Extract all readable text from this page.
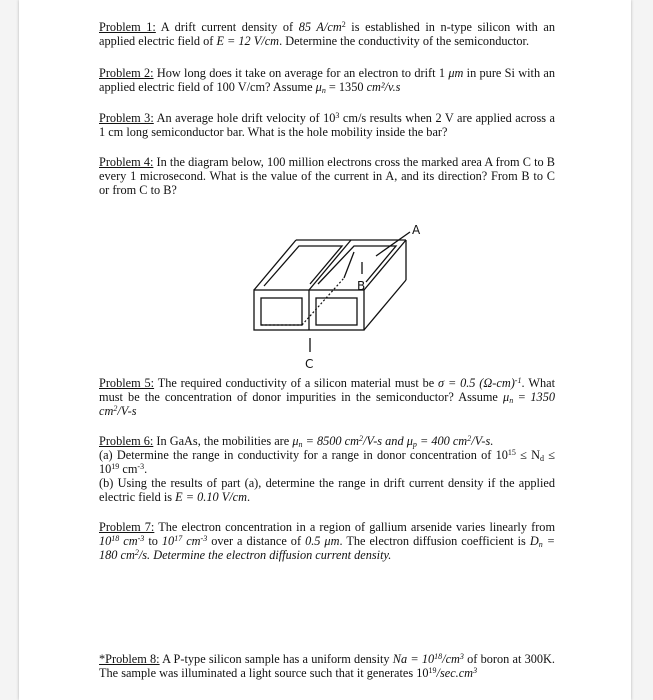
Problem 1: A drift current density of 85 $A/cm^2$ is established in n-type silicon with an applied electric field of E = 12 V/cm. Determine the conductivity of the semiconductor.
Problem 2: How long does it take on average for an electron to drift 1 μm in pure Si with an applied electric field of 100 V/cm? Assume $\mu_n = 1350$ cm²/v.s
Problem 3: An average hole drift velocity of $10^3$ cm/s results when 2 V are applied across a 1 cm long semiconductor bar. What is the hole mobility inside the bar?
Problem 4: In the diagram below, 100 million electrons cross the marked area A from C to B every 1 microsecond. What is the value of the current in A, and its direction? From B to C or from C to B?
A
B
C
Problem 5: The required conductivity of a silicon material must be σ = 0.5 $(\Omega-cm)^{-1}$. What must be the concentration of donor impurities in the semiconductor? Assume $\mu_n = 1350$ $cm^2/V-s$
Problem 6: In GaAs, the mobilities are $\mu_n = 8500$ $cm^2/V-s$ and $\mu_p = 400$ $cm^2/V-s$.
(a) Determine the range in conductivity for a range in donor concentration of $10^{15} \le N_d \le 10^{19}$ $cm^{-3}$.
(b) Using the results of part (a), determine the range in drift current density if the applied electric field is E = 0.10 V/cm.
Problem 7: The electron concentration in a region of gallium arsenide varies linearly from $10^{18}$ $cm^{-3}$ to $10^{17}$ $cm^{-3}$ over a distance of 0.5 μm. The electron diffusion coefficient is $D_n = 180$ $cm^2/s$. Determine the electron diffusion current density.
*Problem 8: A P-type silicon sample has a uniform density $Na = 10^{18}/cm^3$ of boron at 300K. The sample was illuminated a light source such that it generates $10^{19}/\sec.cm^3$
